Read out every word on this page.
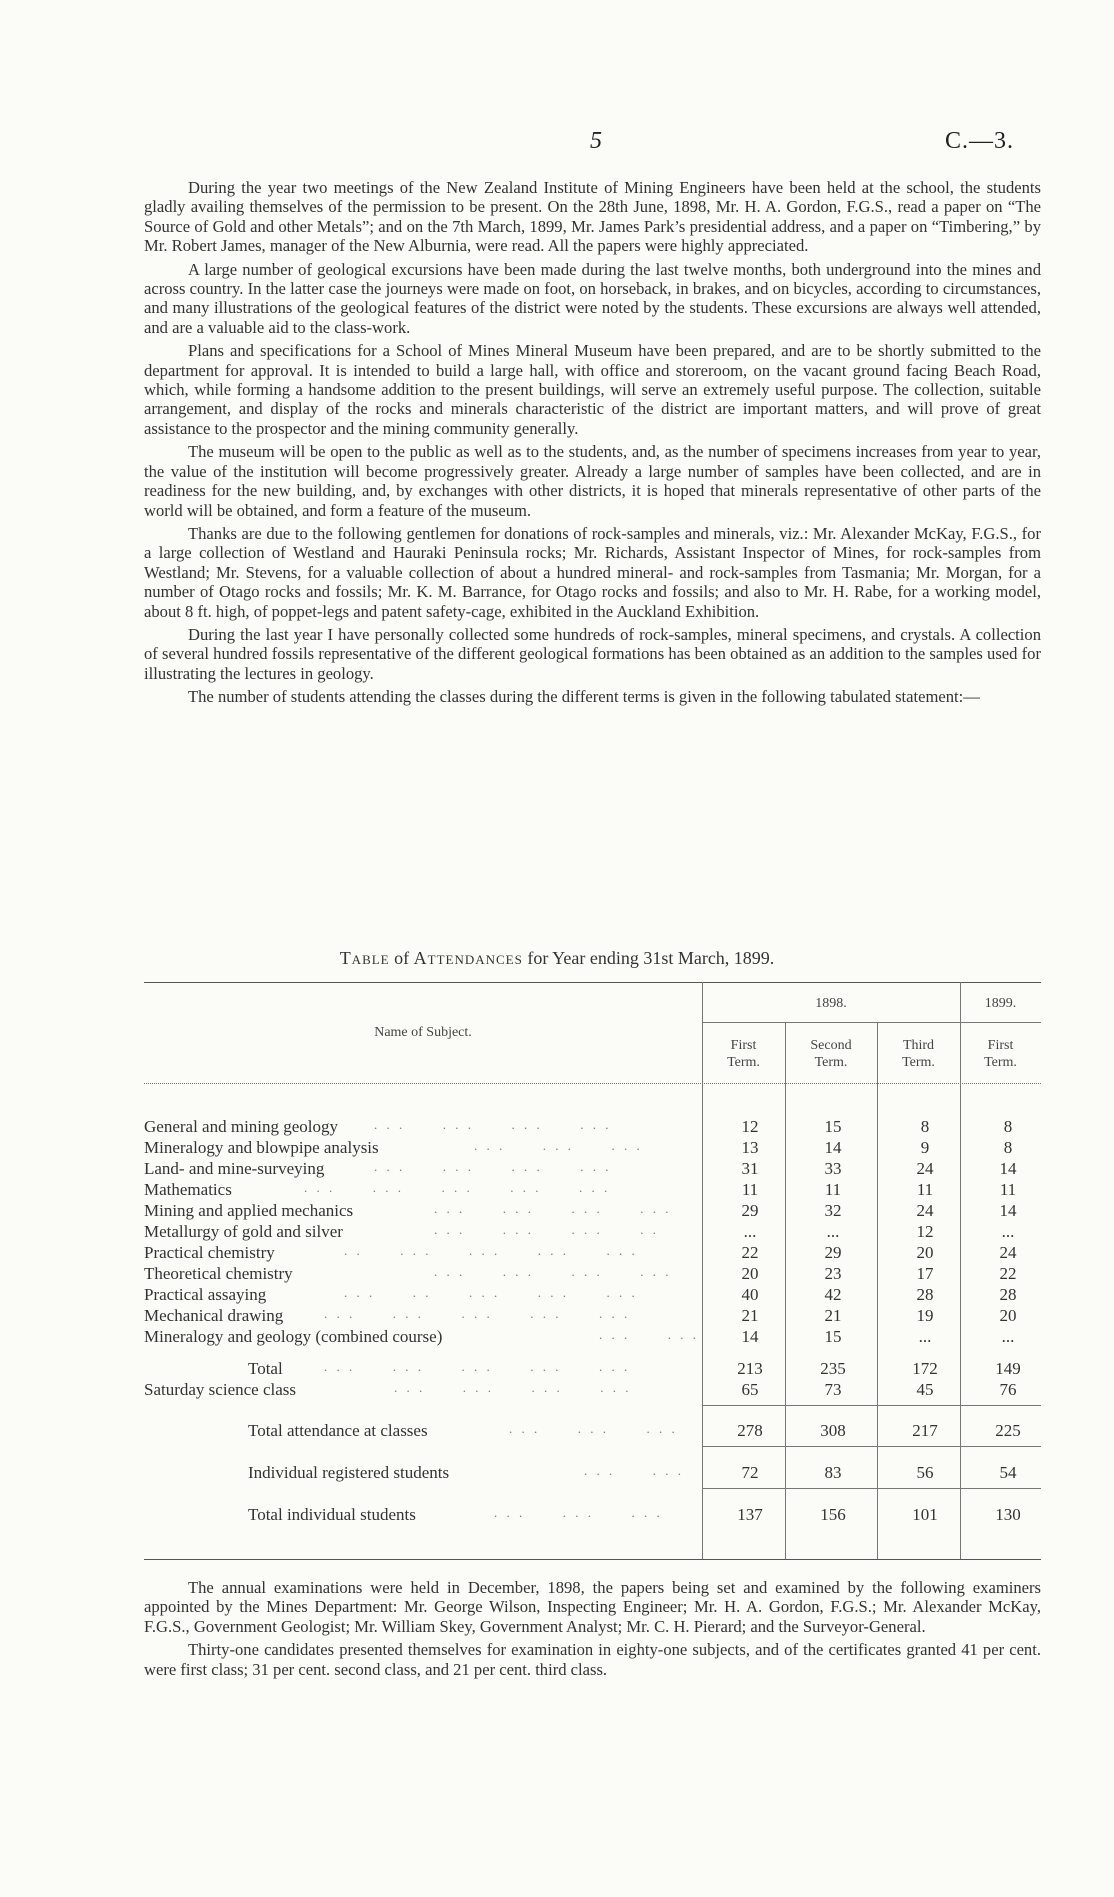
5	C.—3.

During the year two meetings of the New Zealand Institute of Mining Engineers have been held at the school, the students gladly availing themselves of the permission to be present. On the 28th June, 1898, Mr. H. A. Gordon, F.G.S., read a paper on “The Source of Gold and other Metals”; and on the 7th March, 1899, Mr. James Park’s presidential address, and a paper on “Timbering,” by Mr. Robert James, manager of the New Alburnia, were read. All the papers were highly appreciated.

A large number of geological excursions have been made during the last twelve months, both underground into the mines and across country. In the latter case the journeys were made on foot, on horseback, in brakes, and on bicycles, according to circumstances, and many illustrations of the geological features of the district were noted by the students. These excursions are always well attended, and are a valuable aid to the class-work.

Plans and specifications for a School of Mines Mineral Museum have been prepared, and are to be shortly submitted to the department for approval. It is intended to build a large hall, with office and storeroom, on the vacant ground facing Beach Road, which, while forming a handsome addition to the present buildings, will serve an extremely useful purpose. The collection, suitable arrangement, and display of the rocks and minerals characteristic of the district are important matters, and will prove of great assistance to the prospector and the mining community generally.

The museum will be open to the public as well as to the students, and, as the number of specimens increases from year to year, the value of the institution will become progressively greater. Already a large number of samples have been collected, and are in readiness for the new building, and, by exchanges with other districts, it is hoped that minerals representative of other parts of the world will be obtained, and form a feature of the museum.

Thanks are due to the following gentlemen for donations of rock-samples and minerals, viz.: Mr. Alexander McKay, F.G.S., for a large collection of Westland and Hauraki Peninsula rocks; Mr. Richards, Assistant Inspector of Mines, for rock-samples from Westland; Mr. Stevens, for a valuable collection of about a hundred mineral- and rock-samples from Tasmania; Mr. Morgan, for a number of Otago rocks and fossils; Mr. K. M. Barrance, for Otago rocks and fossils; and also to Mr. H. Rabe, for a working model, about 8 ft. high, of poppet-legs and patent safety-cage, exhibited in the Auckland Exhibition.

During the last year I have personally collected some hundreds of rock-samples, mineral specimens, and crystals. A collection of several hundred fossils representative of the different geological formations has been obtained as an addition to the samples used for illustrating the lectures in geology.

The number of students attending the classes during the different terms is given in the following tabulated statement:—

Table of Attendances for Year ending 31st March, 1899.
Name of Subject.
1898.	1899.
First
Term.
Second
Term.
Third
Term.
First
Term.
. . .      . . .      . . .      . . .
General and mining geology	12	15	8	8
. . .      . . .      . . .
Mineralogy and blowpipe analysis	13	14	9	8
. . .      . . .      . . .      . . .
Land- and mine-surveying	31	33	24	14
. . .      . . .      . . .      . . .      . . .
Mathematics	11	11	11	11
. . .      . . .      . . .      . . .
Mining and applied mechanics	29	32	24	14
. . .      . . .      . . .      . .
Metallurgy of gold and silver	...	...	12	...
. .      . . .      . . .      . . .      . . .
Practical chemistry	22	29	20	24
. . .      . . .      . . .      . . .
Theoretical chemistry	20	23	17	22
. . .      . .      . . .      . . .      . . .
Practical assaying	40	42	28	28
. . .      . . .      . . .      . . .      . . .
Mechanical drawing	21	21	19	20
. . .      . . .
Mineralogy and geology (combined course)	14	15	...	...
. . .      . . .      . . .      . . .      . . .
Total	213	235	172	149
. . .      . . .      . . .      . . .
Saturday science class	65	73	45	76
. . .      . . .      . . .
Total attendance at classes	278	308	217	225
. . .      . . .
Individual registered students	72	83	56	54
. . .      . . .      . . .
Total individual students	137	156	101	130

The annual examinations were held in December, 1898, the papers being set and examined by the following examiners appointed by the Mines Department: Mr. George Wilson, Inspecting Engineer; Mr. H. A. Gordon, F.G.S.; Mr. Alexander McKay, F.G.S., Government Geologist; Mr. William Skey, Government Analyst; Mr. C. H. Pierard; and the Surveyor-General.

Thirty-one candidates presented themselves for examination in eighty-one subjects, and of the certificates granted 41 per cent. were first class; 31 per cent. second class, and 21 per cent. third class.
